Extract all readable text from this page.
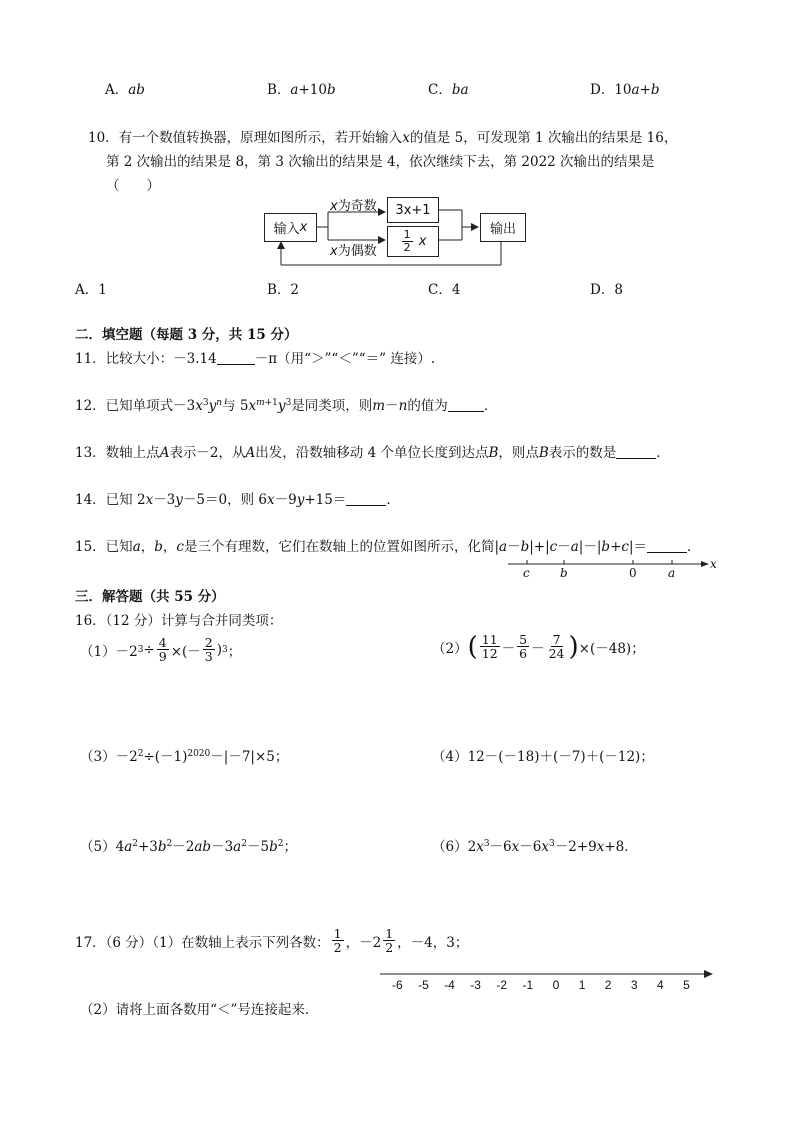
A．ab	B．a+10b	C．ba	D．10a+b
10．有一个数值转换器，原理如图所示，若开始输入x的值是 5，可发现第 1 次输出的结果是 16，
第 2 次输出的结果是 8，第 3 次输出的结果是 4，依次继续下去，第 2022 次输出的结果是
（　　）
输入 x
x为奇数
x为偶数
3x+1
$\frac{1}{2}$
x
输出
A．1	B．2	C．4	D．8
二．填空题（每题 3 分，共 15 分）
11．比较大小：－3.14	－π（用“＞”“＜”“＝” 连接）.
12．已知单项式$-3x^3y^n$与 $5x^{m+1}y^3$是同类项，则m－n的值为	．
13．数轴上点A表示－2，从A出发，沿数轴移动 4 个单位长度到达点B，则点B表示的数是	．
14．已知 2x－3y－5＝0，则 6x－9y+15＝	．
15．已知a，b，c是三个有理数，它们在数轴上的位置如图所示，化简|a－b|+|c－a|－|b+c|＝	．
c	b	0	a
x
三．解答题（共 55 分）
16．（12 分）计算与合并同类项：
（1） －2 $3 \div \frac{4}{9}$ ×(－ $\frac{2}{3}$ ) 3 ；	（2） ( $\frac{11}{12} - \frac{5}{6} - \frac{7}{24}$ ) ×(－48)；
$(3)-2^2\div(-1)^{2020}-|-7|\times 5$；	（4）12－(－18)＋(－7)＋(－12)；
$(5)4a^2+3b^2-2ab-3a^2-5b^2$；	$(6)2x^3-6x-6x^3-2+9x+8$．
17．（6 分）（1）在数轴上表示下列各数： $\frac{1}{2}$ ，$-2 \frac{1}{2}$ ，－4，3；
-6 -5 -4 -3 -2 -1 0 1 2 3 4 5
（2）请将上面各数用“＜”号连接起来．
